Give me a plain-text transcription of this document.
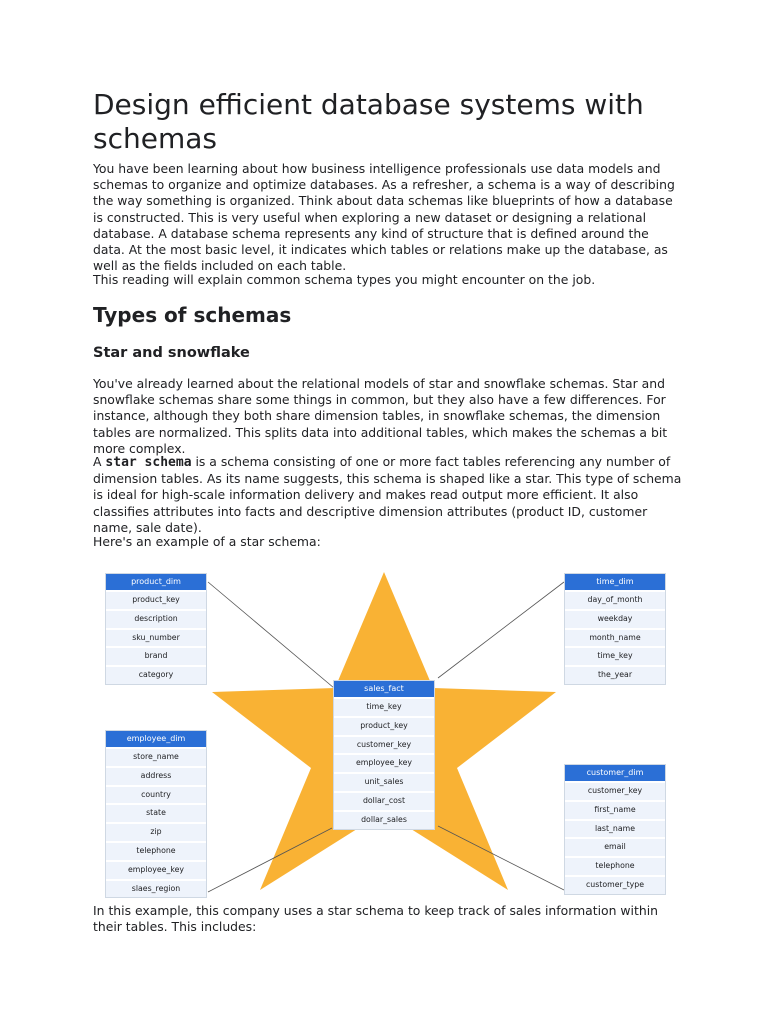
Design efficient database systems with schemas

You have been learning about how business intelligence professionals use data models and schemas to organize and optimize databases. As a refresher, a schema is a way of describing the way something is organized. Think about data schemas like blueprints of how a database is constructed. This is very useful when exploring a new dataset or designing a relational database. A database schema represents any kind of structure that is defined around the data. At the most basic level, it indicates which tables or relations make up the database, as well as the fields included on each table.

This reading will explain common schema types you might encounter on the job.

Types of schemas
Star and snowflake

You've already learned about the relational models of star and snowflake schemas. Star and snowflake schemas share some things in common, but they also have a few differences. For instance, although they both share dimension tables, in snowflake schemas, the dimension tables are normalized. This splits data into additional tables, which makes the schemas a bit more complex.

A star schema is a schema consisting of one or more fact tables referencing any number of dimension tables. As its name suggests, this schema is shaped like a star. This type of schema is ideal for high-scale information delivery and makes read output more efficient. It also classifies attributes into facts and descriptive dimension attributes (product ID, customer name, sale date).

Here's an example of a star schema:

product_dim
product_key
description
sku_number
brand
category
time_dim
day_of_month
weekday
month_name
time_key
the_year
sales_fact
time_key
product_key
customer_key
employee_key
unit_sales
dollar_cost
dollar_sales
employee_dim
store_name
address
country
state
zip
telephone
employee_key
slaes_region
customer_dim
customer_key
first_name
last_name
email
telephone
customer_type

In this example, this company uses a star schema to keep track of sales information within their tables. This includes:
